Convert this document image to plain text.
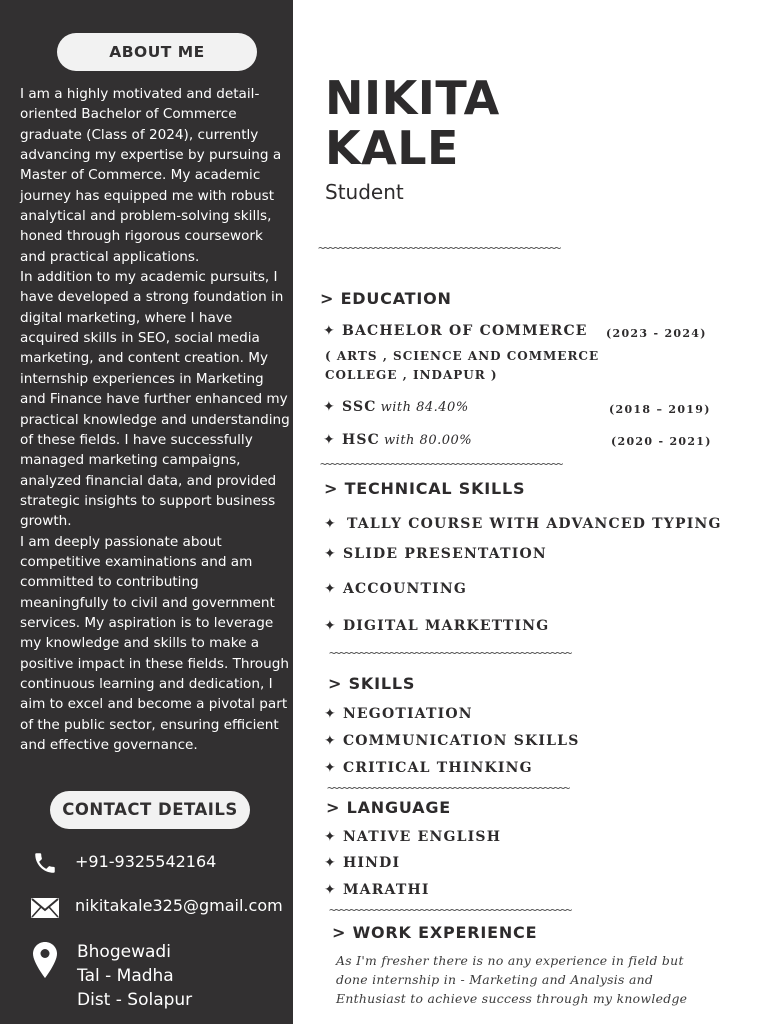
ABOUT ME

I am a highly motivated and detail-oriented Bachelor of Commerce graduate (Class of 2024), currently advancing my expertise by pursuing a Master of Commerce. My academic journey has equipped me with robust analytical and problem-solving skills, honed through rigorous coursework and practical applications.

In addition to my academic pursuits, I have developed a strong foundation in digital marketing, where I have acquired skills in SEO, social media marketing, and content creation. My internship experiences in Marketing and Finance have further enhanced my practical knowledge and understanding of these fields. I have successfully managed marketing campaigns, analyzed financial data, and provided strategic insights to support business growth.

I am deeply passionate about competitive examinations and am committed to contributing meaningfully to civil and government services. My aspiration is to leverage my knowledge and skills to make a positive impact in these fields. Through continuous learning and dedication, I aim to excel and become a pivotal part of the public sector, ensuring efficient and effective governance.

CONTACT DETAILS
+91-9325542164
nikitakale325@gmail.com
Bhogewadi
Tal - Madha
Dist - Solapur
NIKITA
KALE
Student
~~~~~~~~~~~~~~~~~~~~~~~~~~~~~~~~~~~~~~~~~~~~~~~~
> EDUCATION
✦ BACHELOR OF COMMERCE (2023 - 2024)
( ARTS , SCIENCE AND COMMERCE
COLLEGE , INDAPUR )
✦ SSC with 84.40%	(2018 – 2019)
✦ HSC with 80.00%	(2020 - 2021)
~~~~~~~~~~~~~~~~~~~~~~~~~~~~~~~~~~~~~~~~~~~~~~~~
> TECHNICAL SKILLS
✦ TALLY COURSE WITH ADVANCED TYPING
✦ SLIDE PRESENTATION
✦ ACCOUNTING
✦ DIGITAL MARKETTING
~~~~~~~~~~~~~~~~~~~~~~~~~~~~~~~~~~~~~~~~~~~~~~~~
> SKILLS
✦ NEGOTIATION
✦ COMMUNICATION SKILLS
✦ CRITICAL THINKING
~~~~~~~~~~~~~~~~~~~~~~~~~~~~~~~~~~~~~~~~~~~~~~~~
> LANGUAGE
✦ NATIVE ENGLISH
✦ HINDI
✦ MARATHI
~~~~~~~~~~~~~~~~~~~~~~~~~~~~~~~~~~~~~~~~~~~~~~~~
> WORK EXPERIENCE
As I'm fresher there is no any experience in field but
done internship in - Marketing and Analysis and
Enthusiast to achieve success through my knowledge
